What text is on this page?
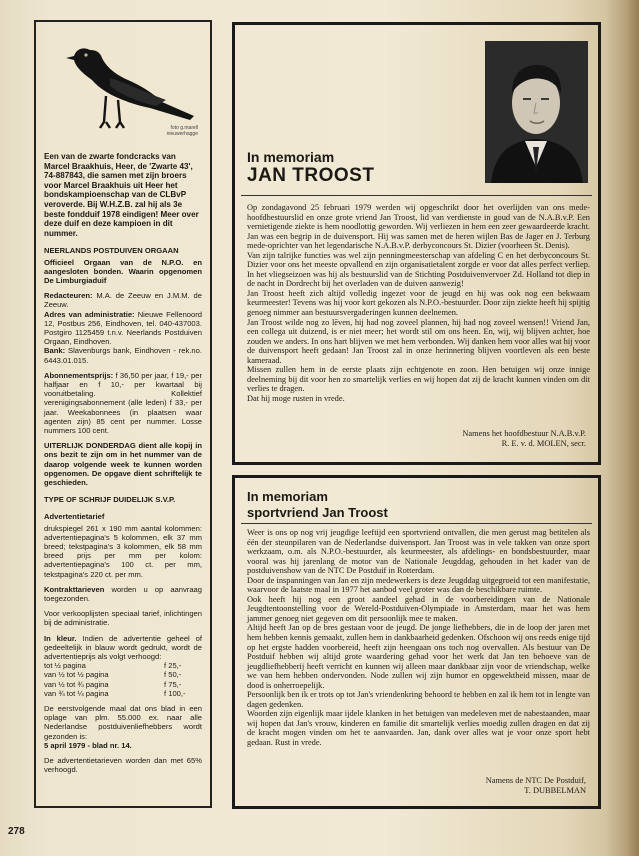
foto g.marell
nieuwerhagge
Een van de zwarte fondcracks van Marcel Braakhuis, Heer, de 'Zwarte 43', 74-887843, die samen met zijn broers voor Marcel Braakhuis uit Heer het bondskampioenschap van de CLBvP veroverde. Bij W.H.Z.B. zal hij als 3e beste fondduif 1978 eindigen! Meer over deze duif en deze kampioen in dit nummer.
NEERLANDS POSTDUIVEN ORGAAN

Officieel Orgaan van de N.P.O. en aangesloten bonden. Waarin opgenomen De Limburgiaduif

Redacteuren: M.A. de Zeeuw en J.M.M. de Zeeuw.

Adres van administratie: Nieuwe Fellenoord 12, Postbus 256, Eindhoven, tel. 040-437003. Postgiro 1125459 t.n.v. Neerlands Postduiven Orgaan, Eindhoven.

Bank: Slavenburgs bank, Eindhoven - rek.no. 6443.01.015.

Abonnementsprijs: f 36,50 per jaar, f 19,- per halfjaar en f 10,- per kwartaal bij vooruitbetaling. Kollektief verenigingsabonnement (alle leden) f 33,- per jaar. Weekabonnees (in plaatsen waar agenten zijn) 85 cent per nummer. Losse nummers 100 cent.

UITERLIJK DONDERDAG dient alle kopij in ons bezit te zijn om in het nummer van de daarop volgende week te kunnen worden opgenomen. De opgave dient schriftelijk te geschieden.

TYPE OF SCHRIJF DUIDELIJK S.V.P.
Advertentietarief

drukspiegel 261 x 190 mm aantal kolommen: advertentiepagina's 5 kolommen, elk 37 mm breed; tekstpagina's 3 kolommen, elk 58 mm breed prijs per mm per kolom: advertentiepagina's 100 ct. per mm, tekstpagina's 220 ct. per mm.

Kontrakttarieven worden u op aanvraag toegezonden.

Voor verkooplijsten speciaal tarief, inlichtingen bij de administratie.

In kleur. Indien de advertentie geheel of gedeeltelijk in blauw wordt gedrukt, wordt de advertentieprijs als volgt verhoogd:

tot ½ pagina	f 25,-
van ½ tot ½ pagina	f 50,-
van ½ tot ¾ pagina	f 75,-
van ¾ tot ¼ pagina	f 100,-

De eerstvolgende maal dat ons blad in een oplage van plm. 55.000 ex. naar alle Nederlandse postduivenliefhebbers wordt gezonden is:

5 april 1979 - blad nr. 14.

De advertentietarieven worden dan met 65% verhoogd.

In memoriam
JAN TROOST

Op zondagavond 25 februari 1979 werden wij opgeschrikt door het overlijden van ons mede-hoofdbestuurslid en onze grote vriend Jan Troost, lid van verdienste in goud van de N.A.B.v.P. Een vernietigende ziekte is hem noodlottig geworden. Wij verliezen in hem een zeer gewaardeerde kracht. Jan was een begrip in de duivensport. Hij was samen met de heren wijlen Bas de Jager en J. Terburg mede-oprichter van het legendarische N.A.B.v.P. derbyconcours St. Dizier (voorheen St. Denis).

Van zijn talrijke functies was wel zijn penningmeesterschap van afdeling C en het derbyconcours St. Dizier voor ons het meeste opvallend en zijn organisatietalent zorgde er voor dat alles perfect verliep. In het vliegseizoen was hij als bestuurslid van de Stichting Postduivenvervoer Zd. Holland tot diep in de nacht in Dordrecht bij het overladen van de duiven aanwezig!

Jan Troost heeft zich altijd volledig ingezet voor de jeugd en hij was ook nog een bekwaam keurmeester! Tevens was hij voor kort gekozen als N.P.O.-bestuurder. Door zijn ziekte heeft hij spijtig genoeg nimmer aan bestuursvergaderingen kunnen deelnemen.

Jan Troost wilde nog zo lēven, hij had nog zoveel plannen, hij had nog zoveel wensen!! Vriend Jan, een collega uit duizend, is er niet meer; het wordt stil om ons heen. En, wij, wij blijven achter, hoe zouden we anders. In ons hart blijven we met hem verbonden. Wij danken hem voor alles wat hij voor de duivensport heeft gedaan! Jan Troost zal in onze herinnering blijven voortleven als een beste kameraad.

Missen zullen hem in de eerste plaats zijn echtgenote en zoon. Hen betuigen wij onze innige deelneming bij dit voor hen zo smartelijk verlies en wij hopen dat zij de kracht kunnen vinden om dit verlies te dragen.

Dat hij moge rusten in vrede.

Namens het hoofdbestuur N.A.B.v.P.
R. E. v. d. MOLEN, secr.
In memoriam
sportvriend Jan Troost

Weer is ons op nog vrij jeugdige leeftijd een sportvriend ontvallen, die men gerust mag betitelen als één der steunpilaren van de Nederlandse duivensport. Jan Troost was in vele takken van onze sport werkzaam, o.m. als N.P.O.-bestuurder, als keurmeester, als afdelings- en bondsbestuurder, maar vooral was hij jarenlang de motor van de Nationale Jeugddag, gehouden in het kader van de postduivenshow van de NTC De Postduif in Rotterdam.

Door de inspanningen van Jan en zijn medewerkers is deze Jeugddag uitgegroeid tot een manifestatie, waarvoor de laatste maal in 1977 het aanbod veel groter was dan de beschikbare ruimte.

Ook heeft hij nog een groot aandeel gehad in de voorbereidingen van de Nationale Jeugdtentoonstelling voor de Wereld-Postduiven-Olympiade in Amsterdam, maar het was hem jammer genoeg niet gegeven om dit persoonlijk mee te maken.

Altijd heeft Jan op de bres gestaan voor de jeugd. De jonge liefhebbers, die in de loop der jaren met hem hebben kennis gemaakt, zullen hem in dankbaarheid gedenken. Ofschoon wij ons reeds enige tijd op het ergste hadden voorbereid, heeft zijn heengaan ons toch nog overvallen. Als bestuur van De Postduif hebben wij altijd grote waardering gehad voor het werk dat Jan ten behoeve van de jeugdliefhebberij heeft verricht en kunnen wij alleen maar dankbaar zijn voor de vriendschap, welke we van hem hebben ondervonden. Node zullen wij zijn humor en opgewektheid missen, maar de dood is onherroepelijk.

Persoonlijk ben ik er trots op tot Jan's vriendenkring behoord te hebben en zal ik hem tot in lengte van dagen gedenken.

Woorden zijn eigenlijk maar ijdele klanken in het betuigen van medeleven met de nabestaanden, maar wij hopen dat Jan's vrouw, kinderen en familie dit smartelijk verlies moedig zullen dragen en dat zij de kracht mogen vinden om het te aanvaarden. Jan, dank over alles wat je voor onze sport hebt gedaan. Rust in vrede.

Namens de NTC De Postduif,
T. DUBBELMAN
278
